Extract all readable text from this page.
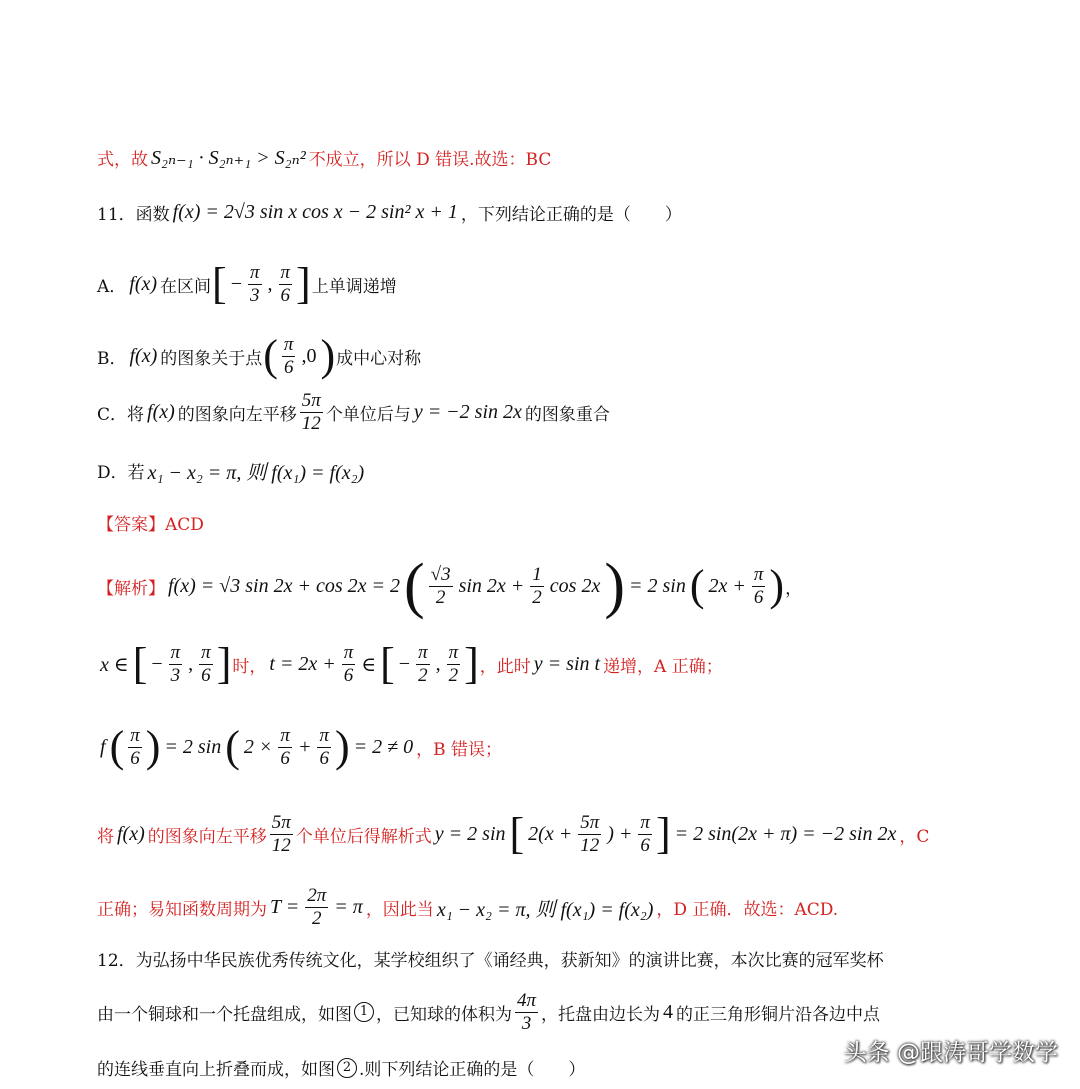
式，故 S₂ₙ₋₁ · S₂ₙ₊₁ > S₂ₙ² 不成立，所以 D 错误.故选：BC
11．函数 f(x) = 2√3 sin x cos x − 2 sin² x + 1 ，下列结论正确的是（　　）
A． f(x) 在区间 [ − $\frac{\pi}{3}$ , $\frac{\pi}{6}$ ] 上单调递增
B． f(x) 的图象关于点 ( $\frac{\pi}{6} ,0$ ) 成中心对称
C．将 f(x) 的图象向左平移 $\frac{5\pi}{12}$ 个单位后与 y = −2 sin 2x 的图象重合
D．若 x₁ − x₂ = π, 则 f(x₁) = f(x₂)
【答案】ACD
【解析】 f(x) = √3 sin 2x + cos 2x = 2 ( $\frac{√3}{2}$ $\sin 2x + \frac{1}{2}$ cos 2x ) = 2 sin ( $2x + \frac{\pi}{6}$ ) ，
x ∈ [ − $\frac{\pi}{3}$ , $\frac{\pi}{6}$ ] 时， $t = 2x + \frac{\pi}{6}$ ∈ [ − $\frac{\pi}{2}$ , $\frac{\pi}{2}$ ] ，此时 y = sin t 递增，A 正确；
f ( $\frac{\pi}{6}$ ) = 2 sin ( $2 \times \frac{\pi}{6} + \frac{\pi}{6}$ ) = 2 ≠ 0 ，B 错误；
将 f(x) 的图象向左平移 $\frac{5\pi}{12}$ 个单位后得解析式 y = 2 sin [ $2(x + \frac{5\pi}{12}$ ) + $\frac{\pi}{6}$ ] = 2 sin(2x + π) = −2 sin 2x ，C
正确；易知函数周期为 $T = \frac{2\pi}{2} = \pi$ ，因此当 x₁ − x₂ = π, 则 f(x₁) = f(x₂) ，D 正确．故选：ACD.
12．为弘扬中华民族优秀传统文化，某学校组织了《诵经典，获新知》的演讲比赛，本次比赛的冠军奖杯
由一个铜球和一个托盘组成，如图 1 ，已知球的体积为 $\frac{4\pi}{3}$ ，托盘由边长为 4 的正三角形铜片沿各边中点
的连线垂直向上折叠而成，如图 2 .则下列结论正确的是（　　）
头条 @跟涛哥学数学
